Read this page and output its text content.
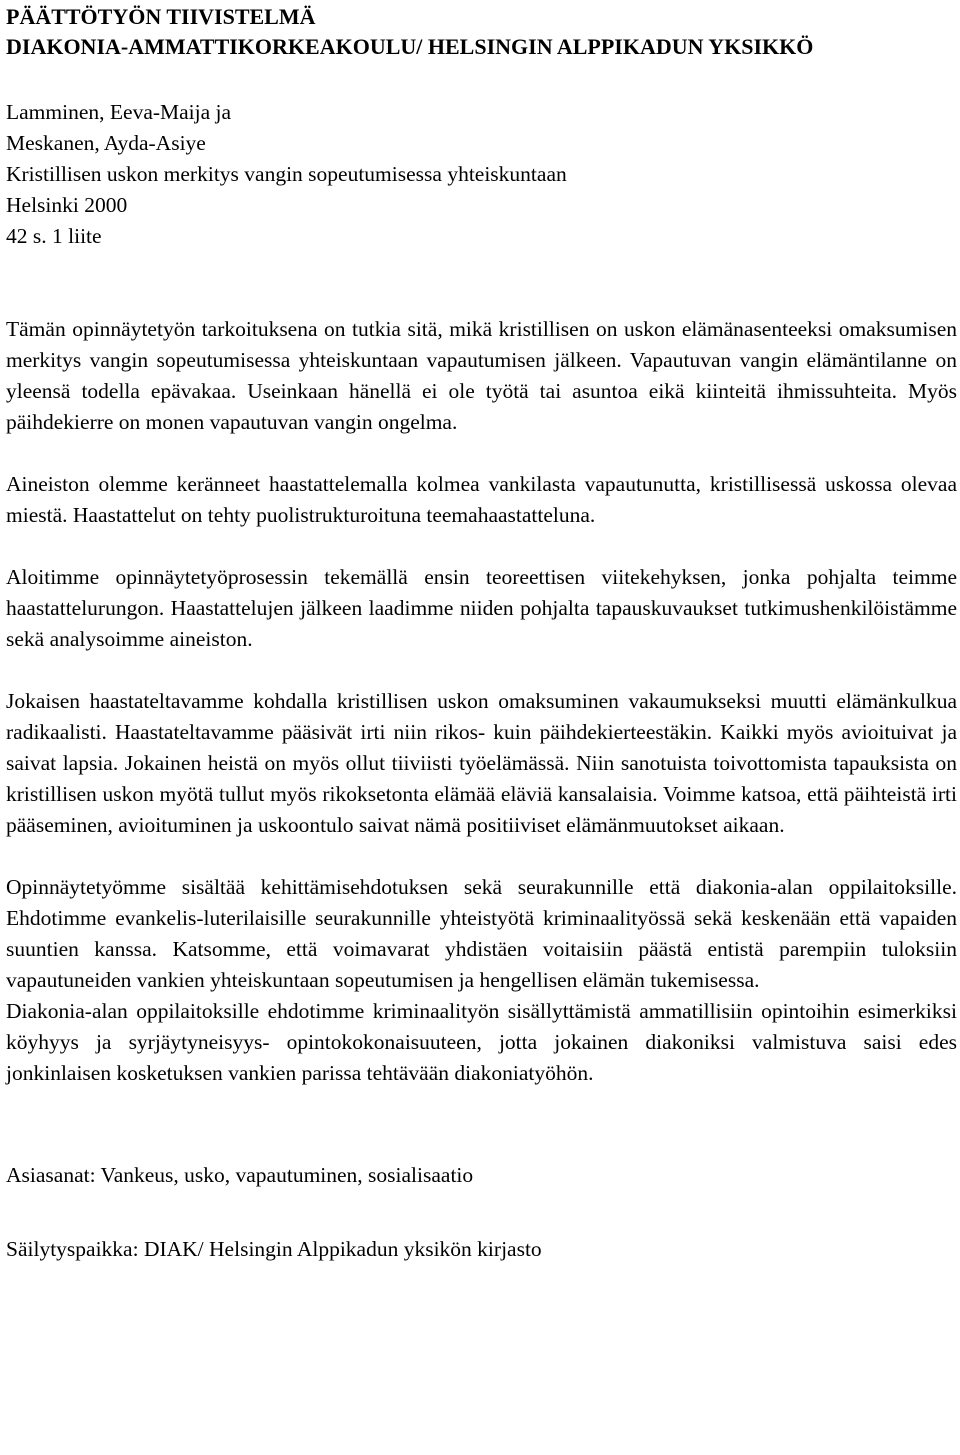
PÄÄTTÖTYÖN TIIVISTELMÄ
DIAKONIA-AMMATTIKORKEAKOULU/ HELSINGIN ALPPIKADUN YKSIKKÖ
Lamminen, Eeva-Maija ja
Meskanen, Ayda-Asiye
Kristillisen uskon merkitys vangin sopeutumisessa yhteiskuntaan
Helsinki 2000
42 s. 1 liite

Tämän opinnäytetyön tarkoituksena on tutkia sitä, mikä kristillisen on uskon elämänasenteeksi omaksumisen merkitys vangin sopeutumisessa yhteiskuntaan vapautumisen jälkeen. Vapautuvan vangin elämäntilanne on yleensä todella epävakaa. Useinkaan hänellä ei ole työtä tai asuntoa eikä kiinteitä ihmissuhteita. Myös päihdekierre on monen vapautuvan vangin ongelma.

Aineiston olemme keränneet haastattelemalla kolmea vankilasta vapautunutta, kristillisessä uskossa olevaa miestä. Haastattelut on tehty puolistrukturoituna teemahaastatteluna.

Aloitimme opinnäytetyöprosessin tekemällä ensin teoreettisen viitekehyksen, jonka pohjalta teimme haastattelurungon. Haastattelujen jälkeen laadimme niiden pohjalta tapauskuvaukset tutkimushenkilöistämme sekä analysoimme aineiston.

Jokaisen haastateltavamme kohdalla kristillisen uskon omaksuminen vakaumukseksi muutti elämänkulkua radikaalisti. Haastateltavamme pääsivät irti niin rikos- kuin päihdekierteestäkin. Kaikki myös avioituivat ja saivat lapsia. Jokainen heistä on myös ollut tiiviisti työelämässä. Niin sanotuista toivottomista tapauksista on kristillisen uskon myötä tullut myös rikoksetonta elämää eläviä kansalaisia. Voimme katsoa, että päihteistä irti pääseminen, avioituminen ja uskoontulo saivat nämä positiiviset elämänmuutokset aikaan.

Opinnäytetyömme sisältää kehittämisehdotuksen sekä seurakunnille että diakonia-alan oppilaitoksille. Ehdotimme evankelis-luterilaisille seurakunnille yhteistyötä kriminaalityössä sekä keskenään että vapaiden suuntien kanssa. Katsomme, että voimavarat yhdistäen voitaisiin päästä entistä parempiin tuloksiin vapautuneiden vankien yhteiskuntaan sopeutumisen ja hengellisen elämän tukemisessa.

Diakonia-alan oppilaitoksille ehdotimme kriminaalityön sisällyttämistä ammatillisiin opintoihin esimerkiksi köyhyys ja syrjäytyneisyys- opintokokonaisuuteen, jotta jokainen diakoniksi valmistuva saisi edes jonkinlaisen kosketuksen vankien parissa tehtävään diakoniatyöhön.

Asiasanat: Vankeus, usko, vapautuminen, sosialisaatio
Säilytyspaikka: DIAK/ Helsingin Alppikadun yksikön kirjasto
